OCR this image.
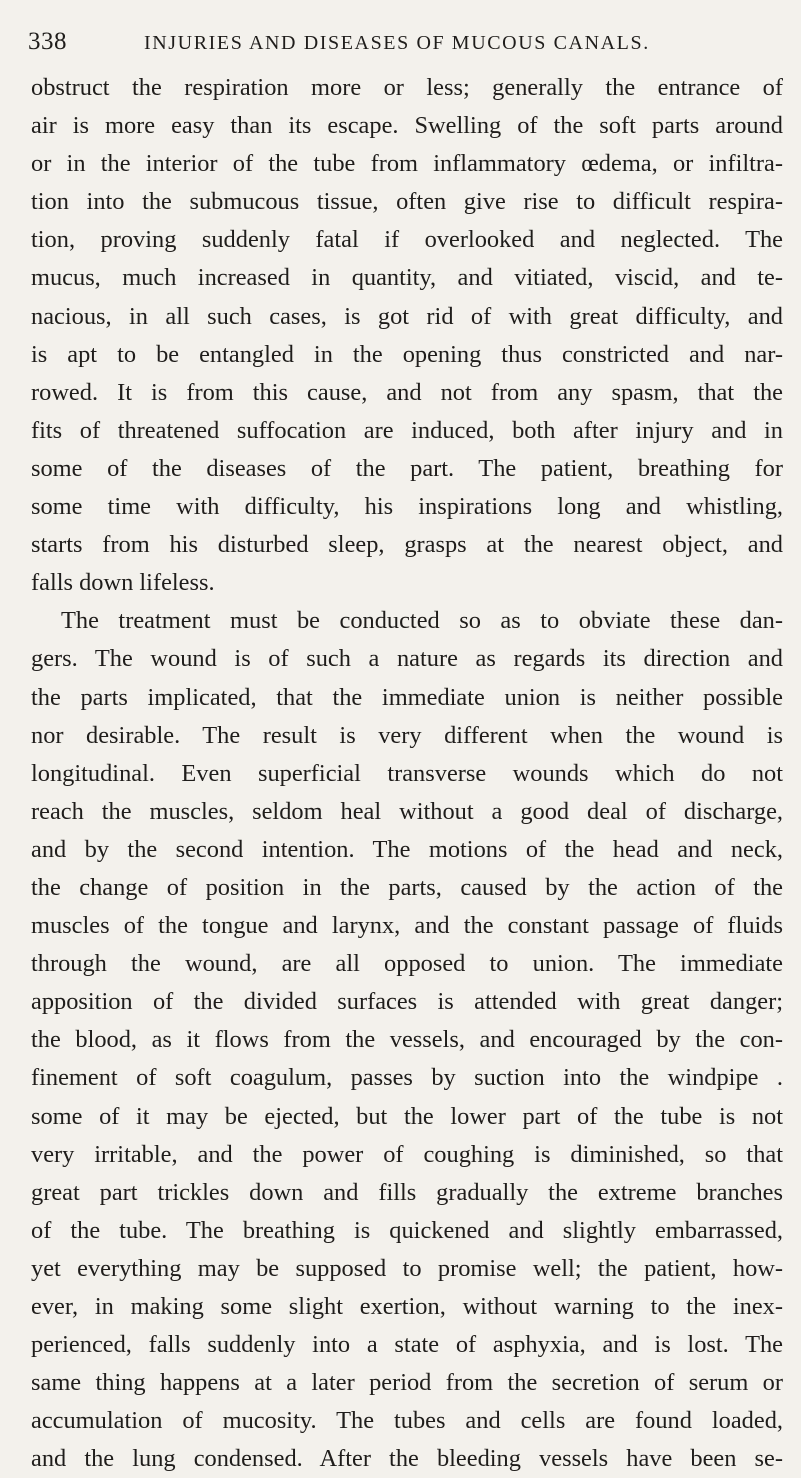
338	INJURIES AND DISEASES OF MUCOUS CANALS.
obstruct the respiration more or less; generally the entrance of
air is more easy than its escape. Swelling of the soft parts around
or in the interior of the tube from inflammatory œdema, or infiltra-
tion into the submucous tissue, often give rise to difficult respira-
tion, proving suddenly fatal if overlooked and neglected. The
mucus, much increased in quantity, and vitiated, viscid, and te-
nacious, in all such cases, is got rid of with great difficulty, and
is apt to be entangled in the opening thus constricted and nar-
rowed. It is from this cause, and not from any spasm, that the
fits of threatened suffocation are induced, both after injury and in
some of the diseases of the part. The patient, breathing for
some time with difficulty, his inspirations long and whistling,
starts from his disturbed sleep, grasps at the nearest object, and
falls down lifeless.
The treatment must be conducted so as to obviate these dan-
gers. The wound is of such a nature as regards its direction and
the parts implicated, that the immediate union is neither possible
nor desirable. The result is very different when the wound is
longitudinal. Even superficial transverse wounds which do not
reach the muscles, seldom heal without a good deal of discharge,
and by the second intention. The motions of the head and neck,
the change of position in the parts, caused by the action of the
muscles of the tongue and larynx, and the constant passage of fluids
through the wound, are all opposed to union. The immediate
apposition of the divided surfaces is attended with great danger;
the blood, as it flows from the vessels, and encouraged by the con-
finement of soft coagulum, passes by suction into the windpipe .
some of it may be ejected, but the lower part of the tube is not
very irritable, and the power of coughing is diminished, so that
great part trickles down and fills gradually the extreme branches
of the tube. The breathing is quickened and slightly embarrassed,
yet everything may be supposed to promise well; the patient, how-
ever, in making some slight exertion, without warning to the inex-
perienced, falls suddenly into a state of asphyxia, and is lost. The
same thing happens at a later period from the secretion of serum or
accumulation of mucosity. The tubes and cells are found loaded,
and the lung condensed. After the bleeding vessels have been se-
